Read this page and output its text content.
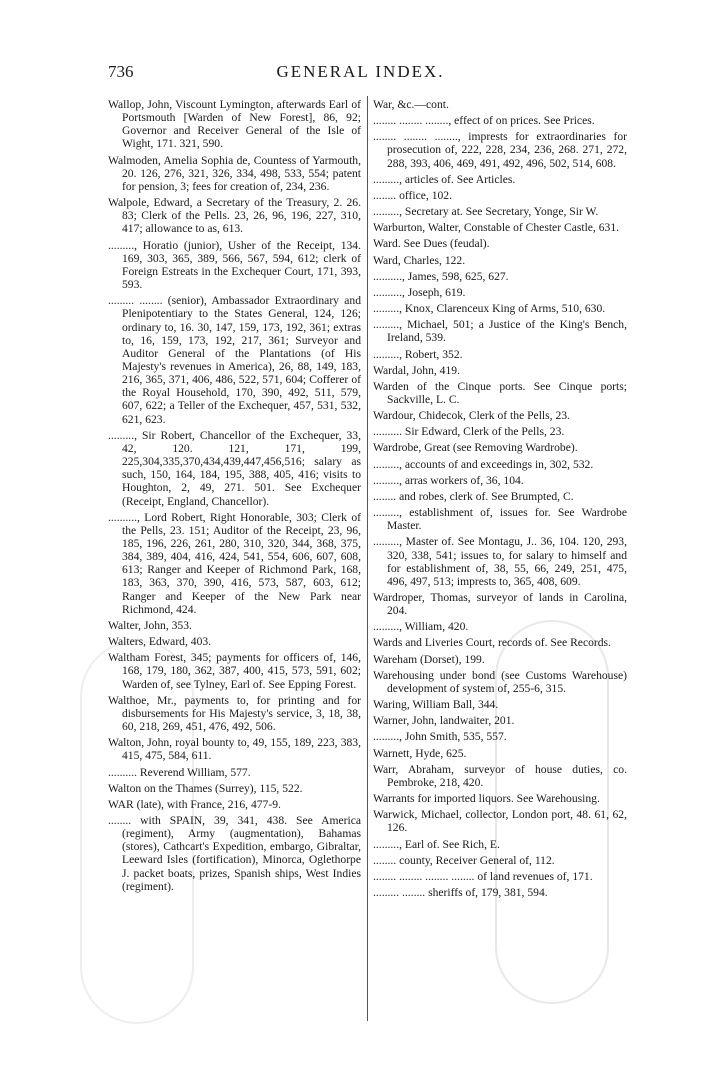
736	GENERAL INDEX.

Wallop, John, Viscount Lymington, afterwards Earl of Portsmouth [Warden of New Forest], 86, 92; Governor and Receiver General of the Isle of Wight, 171. 321, 590.

Walmoden, Amelia Sophia de, Countess of Yarmouth, 20. 126, 276, 321, 326, 334, 498, 533, 554; patent for pension, 3; fees for creation of, 234, 236.

Walpole, Edward, a Secretary of the Treasury, 2. 26. 83; Clerk of the Pells. 23, 26, 96, 196, 227, 310, 417; allowance to as, 613.

........., Horatio (junior), Usher of the Receipt, 134. 169, 303, 365, 389, 566, 567, 594, 612; clerk of Foreign Estreats in the Exchequer Court, 171, 393, 593.

......... ........ (senior), Ambassador Extraordinary and Plenipotentiary to the States General, 124, 126; ordinary to, 16. 30, 147, 159, 173, 192, 361; extras to, 16, 159, 173, 192, 217, 361; Surveyor and Auditor General of the Plantations (of His Majesty's revenues in America), 26, 88, 149, 183, 216, 365, 371, 406, 486, 522, 571, 604; Cofferer of the Royal Household, 170, 390, 492, 511, 579, 607, 622; a Teller of the Exchequer, 457, 531, 532, 621, 623.

........., Sir Robert, Chancellor of the Exchequer, 33, 42, 120. 121, 171, 199, 225,304,335,370,434,439,447,456,516; salary as such, 150, 164, 184, 195, 388, 405, 416; visits to Houghton, 2, 49, 271. 501. See Exchequer (Receipt, England, Chancellor).

.........., Lord Robert, Right Honorable, 303; Clerk of the Pells, 23. 151; Auditor of the Receipt, 23, 96, 185, 196, 226, 261, 280, 310, 320, 344, 368, 375, 384, 389, 404, 416, 424, 541, 554, 606, 607, 608, 613; Ranger and Keeper of Richmond Park, 168, 183, 363, 370, 390, 416, 573, 587, 603, 612; Ranger and Keeper of the New Park near Richmond, 424.

Walter, John, 353.

Walters, Edward, 403.

Waltham Forest, 345; payments for officers of, 146, 168, 179, 180, 362, 387, 400, 415, 573, 591, 602; Warden of, see Tylney, Earl of. See Epping Forest.

Walthoe, Mr., payments to, for printing and for disbursements for His Majesty's service, 3, 18, 38, 60, 218, 269, 451, 476, 492, 506.

Walton, John, royal bounty to, 49, 155, 189, 223, 383, 415, 475, 584, 611.

.......... Reverend William, 577.

Walton on the Thames (Surrey), 115, 522.

WAR (late), with France, 216, 477-9.

........ with SPAIN, 39, 341, 438. See America (regiment), Army (augmentation), Bahamas (stores), Cathcart's Expedition, embargo, Gibraltar, Leeward Isles (fortification), Minorca, Oglethorpe J. packet boats, prizes, Spanish ships, West Indies (regiment).

War, &c.—cont.

........ ........ ........, effect of on prices. See Prices.

........ ........ ........, imprests for extraordinaries for prosecution of, 222, 228, 234, 236, 268. 271, 272, 288, 393, 406, 469, 491, 492, 496, 502, 514, 608.

........., articles of. See Articles.

........ office, 102.

........., Secretary at. See Secretary, Yonge, Sir W.

Warburton, Walter, Constable of Chester Castle, 631.

Ward. See Dues (feudal).

Ward, Charles, 122.

.........., James, 598, 625, 627.

.........., Joseph, 619.

........., Knox, Clarenceux King of Arms, 510, 630.

........., Michael, 501; a Justice of the King's Bench, Ireland, 539.

........., Robert, 352.

Wardal, John, 419.

Warden of the Cinque ports. See Cinque ports; Sackville, L. C.

Wardour, Chidecok, Clerk of the Pells, 23.

.......... Sir Edward, Clerk of the Pells, 23.

Wardrobe, Great (see Removing Wardrobe).

........., accounts of and exceedings in, 302, 532.

........., arras workers of, 36, 104.

........ and robes, clerk of. See Brumpted, C.

........., establishment of, issues for. See Wardrobe Master.

........., Master of. See Montagu, J.. 36, 104. 120, 293, 320, 338, 541; issues to, for salary to himself and for establishment of, 38, 55, 66, 249, 251, 475, 496, 497, 513; imprests to, 365, 408, 609.

Wardroper, Thomas, surveyor of lands in Carolina, 204.

........., William, 420.

Wards and Liveries Court, records of. See Records.

Wareham (Dorset), 199.

Warehousing under bond (see Customs Warehouse) development of system of, 255-6, 315.

Waring, William Ball, 344.

Warner, John, landwaiter, 201.

........., John Smith, 535, 557.

Warnett, Hyde, 625.

Warr, Abraham, surveyor of house duties, co. Pembroke, 218, 420.

Warrants for imported liquors. See Warehousing.

Warwick, Michael, collector, London port, 48. 61, 62, 126.

........., Earl of. See Rich, E.

........ county, Receiver General of, 112.

........ ........ ........ ........ of land revenues of, 171.

......... ........ sheriffs of, 179, 381, 594.
